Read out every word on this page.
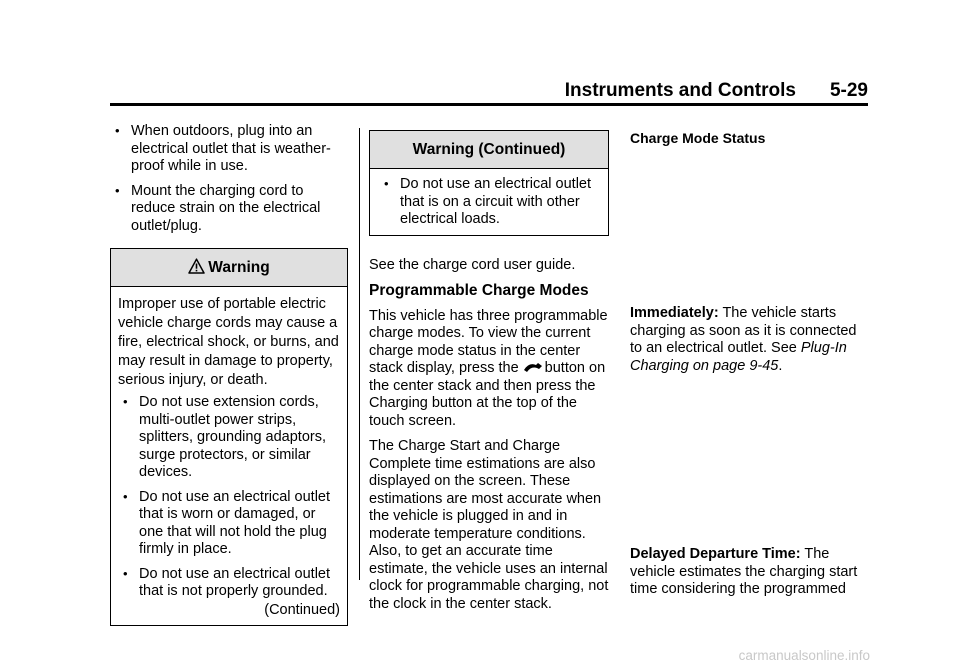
Instruments and Controls 5-29
• When outdoors, plug into an electrical outlet that is weather-proof while in use.
• Mount the charging cord to reduce strain on the electrical outlet/plug.
Warning

Improper use of portable electric vehicle charge cords may cause a fire, electrical shock, or burns, and may result in damage to property, serious injury, or death.

• Do not use extension cords, multi-outlet power strips, splitters, grounding adaptors, surge protectors, or similar devices.
• Do not use an electrical outlet that is worn or damaged, or one that will not hold the plug firmly in place.
• Do not use an electrical outlet that is not properly grounded.
(Continued)
Warning (Continued)
• Do not use an electrical outlet that is on a circuit with other electrical loads.

See the charge cord user guide.

Programmable Charge Modes

This vehicle has three programmable charge modes. To view the current charge mode status in the center stack display, press the button on the center stack and then press the Charging button at the top of the touch screen.

The Charge Start and Charge Complete time estimations are also displayed on the screen. These estimations are most accurate when the vehicle is plugged in and in moderate temperature conditions. Also, to get an accurate time estimate, the vehicle uses an internal clock for programmable charging, not the clock in the center stack.

Charge Mode Status
Immediately: The vehicle starts charging as soon as it is connected to an electrical outlet. See Plug-In Charging on page 9-45.
Delayed Departure Time: The vehicle estimates the charging start time considering the programmed
carmanualsonline.info
